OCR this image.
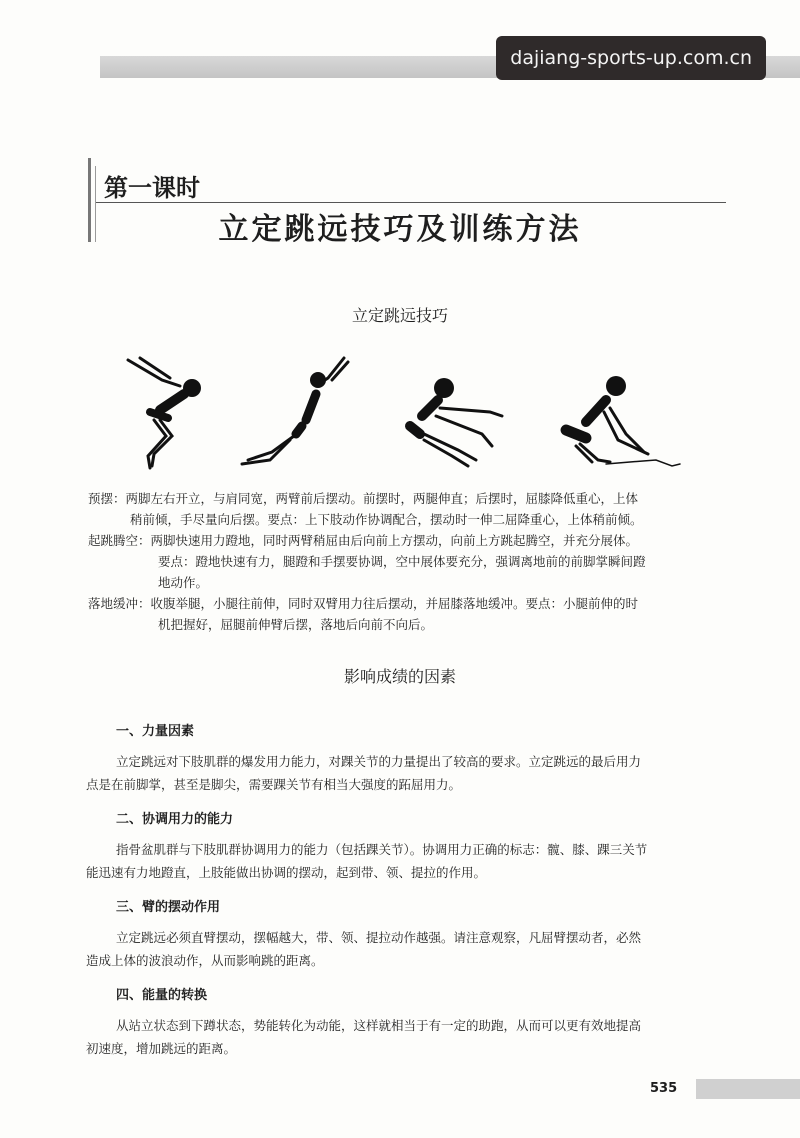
dajiang-sports-up.com.cn
第一课时
立定跳远技巧及训练方法
立定跳远技巧

预摆：两脚左右开立，与肩同宽，两臂前后摆动。前摆时，两腿伸直；后摆时，屈膝降低重心，上体

稍前倾，手尽量向后摆。要点：上下肢动作协调配合，摆动时一伸二屈降重心，上体稍前倾。

起跳腾空：两脚快速用力蹬地，同时两臂稍屈由后向前上方摆动，向前上方跳起腾空，并充分展体。

要点：蹬地快速有力，腿蹬和手摆要协调，空中展体要充分，强调离地前的前脚掌瞬间蹬

地动作。

落地缓冲：收腹举腿，小腿往前伸，同时双臂用力往后摆动，并屈膝落地缓冲。要点：小腿前伸的时

机把握好，屈腿前伸臂后摆，落地后向前不向后。

影响成绩的因素
一、力量因素

立定跳远对下肢肌群的爆发用力能力，对踝关节的力量提出了较高的要求。立定跳远的最后用力

点是在前脚掌，甚至是脚尖，需要踝关节有相当大强度的跖屈用力。

二、协调用力的能力

指骨盆肌群与下肢肌群协调用力的能力（包括踝关节）。协调用力正确的标志：髋、膝、踝三关节

能迅速有力地蹬直，上肢能做出协调的摆动，起到带、领、提拉的作用。

三、臂的摆动作用

立定跳远必须直臂摆动，摆幅越大，带、领、提拉动作越强。请注意观察，凡屈臂摆动者，必然

造成上体的波浪动作，从而影响跳的距离。

四、能量的转换

从站立状态到下蹲状态，势能转化为动能，这样就相当于有一定的助跑，从而可以更有效地提高

初速度，增加跳远的距离。

535
